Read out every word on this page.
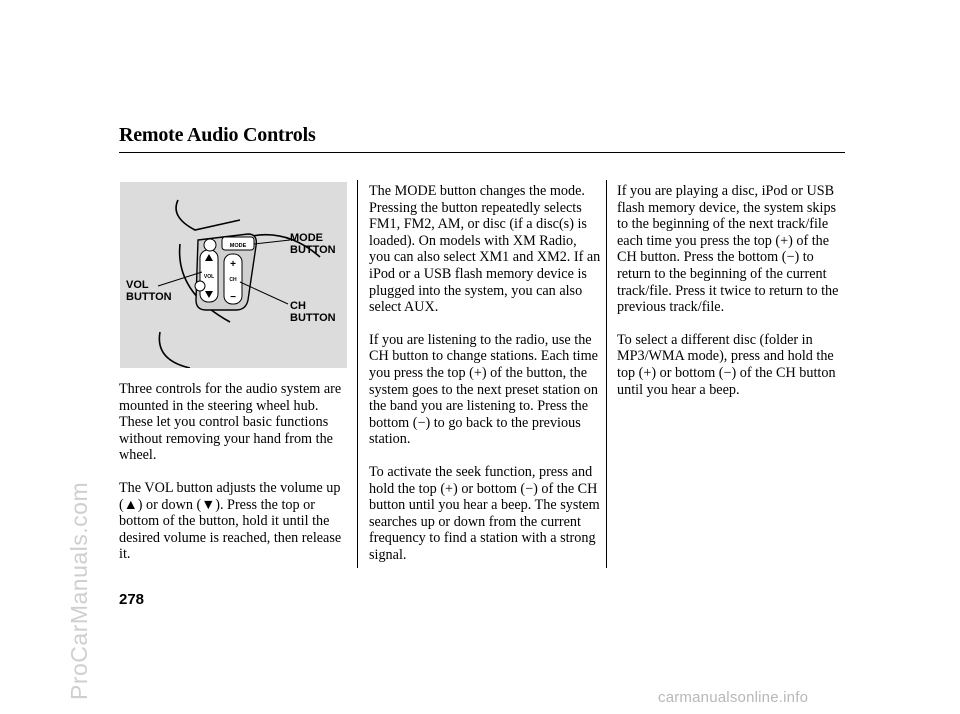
ProCarManuals.com
Remote Audio Controls
+
−
MODE
VOL	CH
MODE
BUTTON
VOL
BUTTON
CH
BUTTON

Three controls for the audio system are mounted in the steering wheel hub. These let you control basic functions without removing your hand from the wheel.

The VOL button adjusts the volume up (▲) or down (▼). Press the top or bottom of the button, hold it until the desired volume is reached, then release it.

The MODE button changes the mode. Pressing the button repeatedly selects FM1, FM2, AM, or disc (if a disc(s) is loaded). On models with XM Radio, you can also select XM1 and XM2. If an iPod or a USB flash memory device is plugged into the system, you can also select AUX.

If you are listening to the radio, use the CH button to change stations. Each time you press the top (+) of the button, the system goes to the next preset station on the band you are listening to. Press the bottom (−) to go back to the previous station.

To activate the seek function, press and hold the top (+) or bottom (−) of the CH button until you hear a beep. The system searches up or down from the current frequency to find a station with a strong signal.

If you are playing a disc, iPod or USB flash memory device, the system skips to the beginning of the next track/file each time you press the top (+) of the CH button. Press the bottom (−) to return to the beginning of the current track/file. Press it twice to return to the previous track/file.

To select a different disc (folder in MP3/WMA mode), press and hold the top (+) or bottom (−) of the CH button until you hear a beep.

278
carmanualsonline.info
